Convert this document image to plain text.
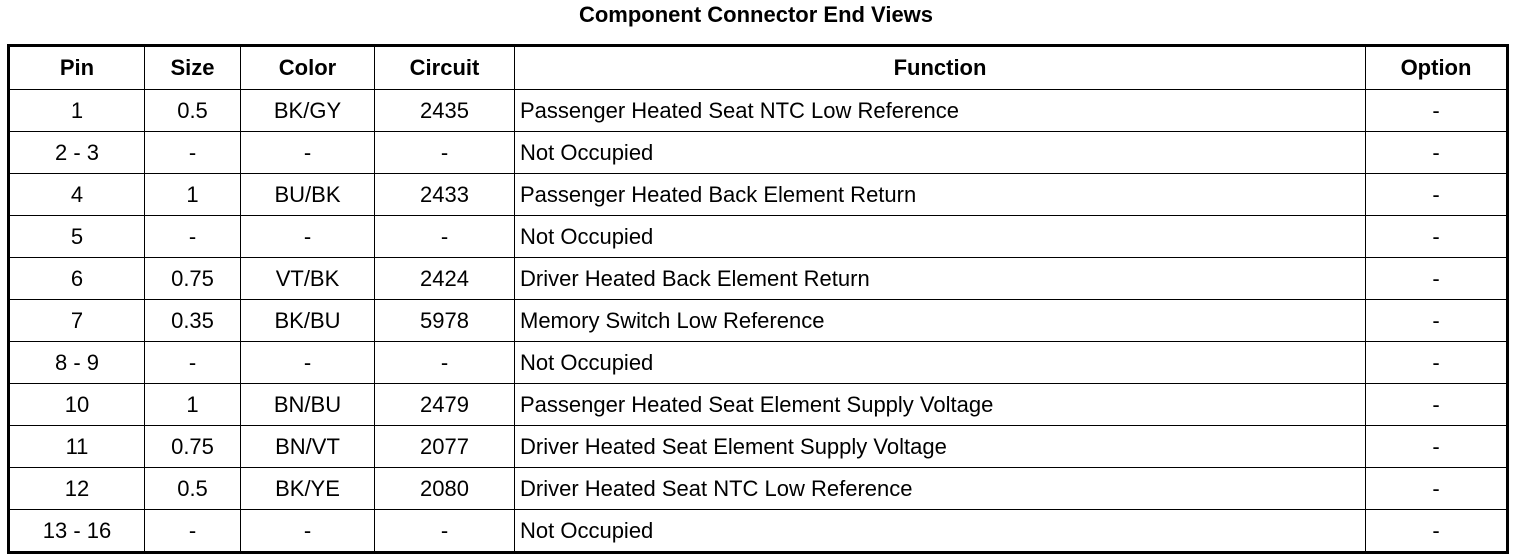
Component Connector End Views
Pin	Size	Color	Circuit	Function	Option
1	0.5	BK/GY	2435	Passenger Heated Seat NTC Low Reference	-
2 - 3	-	-	-	Not Occupied	-
4	1	BU/BK	2433	Passenger Heated Back Element Return	-
5	-	-	-	Not Occupied	-
6	0.75	VT/BK	2424	Driver Heated Back Element Return	-
7	0.35	BK/BU	5978	Memory Switch Low Reference	-
8 - 9	-	-	-	Not Occupied	-
10	1	BN/BU	2479	Passenger Heated Seat Element Supply Voltage	-
11	0.75	BN/VT	2077	Driver Heated Seat Element Supply Voltage	-
12	0.5	BK/YE	2080	Driver Heated Seat NTC Low Reference	-
13 - 16	-	-	-	Not Occupied	-
